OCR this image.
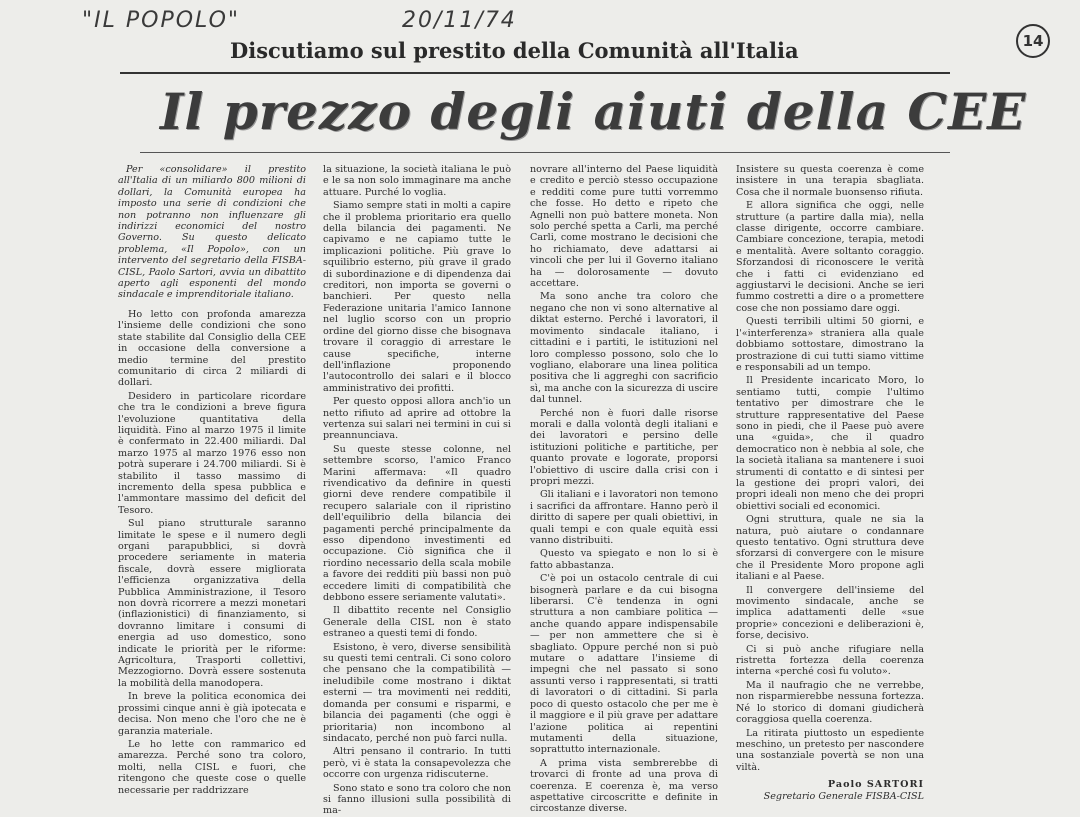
"IL POPOLO"	20/11/74
14
Discutiamo sul prestito della Comunità all'Italia
Il prezzo degli aiuti della CEE

Per «consolidare» il prestito all'Italia di un miliardo 800 milioni di dollari, la Comunità europea ha imposto una serie di condizioni che non potranno non influenzare gli indirizzi economici del nostro Governo. Su questo delicato problema, «Il Popolo», con un intervento del segretario della FISBA-CISL, Paolo Sartori, avvia un dibattito aperto agli esponenti del mondo sindacale e imprenditoriale italiano.

Ho letto con profonda amarezza l'insieme delle condizioni che sono state stabilite dal Consiglio della CEE in occasione della conversione a medio termine del prestito comunitario di circa 2 miliardi di dollari.

Desidero in particolare ricordare che tra le condizioni a breve figura l'evoluzione quantitativa della liquidità. Fino al marzo 1975 il limite è confermato in 22.400 miliardi. Dal marzo 1975 al marzo 1976 esso non potrà superare i 24.700 miliardi. Si è stabilito il tasso massimo di incremento della spesa pubblica e l'ammontare massimo del deficit del Tesoro.

Sul piano strutturale saranno limitate le spese e il numero degli organi parapubblici, si dovrà procedere seriamente in materia fiscale, dovrà essere migliorata l'efficienza organizzativa della Pubblica Amministrazione, il Tesoro non dovrà ricorrere a mezzi monetari (inflazionistici) di finanziamento, si dovranno limitare i consumi di energia ad uso domestico, sono indicate le priorità per le riforme: Agricoltura, Trasporti collettivi, Mezzogiorno. Dovrà essere sostenuta la mobilità della manodopera.

In breve la politica economica dei prossimi cinque anni è già ipotecata e decisa. Non meno che l'oro che ne è garanzia materiale.

Le ho lette con rammarico ed amarezza. Perché sono tra coloro, molti, nella CISL e fuori, che ritengono che queste cose o quelle necessarie per raddrizzare

la situazione, la società italiana le può e le sa non solo immaginare ma anche attuare. Purché lo voglia.

Siamo sempre stati in molti a capire che il problema prioritario era quello della bilancia dei pagamenti. Ne capivamo e ne capiamo tutte le implicazioni politiche. Più grave lo squilibrio esterno, più grave il grado di subordinazione e di dipendenza dai creditori, non importa se governi o banchieri. Per questo nella Federazione unitaria l'amico Iannone nel luglio scorso con un proprio ordine del giorno disse che bisognava trovare il coraggio di arrestare le cause specifiche, interne dell'inflazione proponendo l'autocontrollo dei salari e il blocco amministrativo dei profitti.

Per questo opposi allora anch'io un netto rifiuto ad aprire ad ottobre la vertenza sui salari nei termini in cui si preannunciava.

Su queste stesse colonne, nel settembre scorso, l'amico Franco Marini affermava: «Il quadro rivendicativo da definire in questi giorni deve rendere compatibile il recupero salariale con il ripristino dell'equilibrio della bilancia dei pagamenti perché principalmente da esso dipendono investimenti ed occupazione. Ciò significa che il riordino necessario della scala mobile a favore dei redditi più bassi non può eccedere limiti di compatibilità che debbono essere seriamente valutati».

Il dibattito recente nel Consiglio Generale della CISL non è stato estraneo a questi temi di fondo.

Esistono, è vero, diverse sensibilità su questi temi centrali. Ci sono coloro che pensano che la compatibilità — ineludibile come mostrano i diktat esterni — tra movimenti nei redditi, domanda per consumi e risparmi, e bilancia dei pagamenti (che oggi è prioritaria) non incombono al sindacato, perché non può farci nulla.

Altri pensano il contrario. In tutti però, vi è stata la consapevolezza che occorre con urgenza ridiscuterne.

Sono stato e sono tra coloro che non si fanno illusioni sulla possibilità di ma-

novrare all'interno del Paese liquidità e credito e perciò stesso occupazione e redditi come pure tutti vorremmo che fosse. Ho detto e ripeto che Agnelli non può battere moneta. Non solo perché spetta a Carli, ma perché Carli, come mostrano le decisioni che ho richiamato, deve adattarsi ai vincoli che per lui il Governo italiano ha — dolorosamente — dovuto accettare.

Ma sono anche tra coloro che negano che non vi sono alternative al diktat esterno. Perché i lavoratori, il movimento sindacale italiano, i cittadini e i partiti, le istituzioni nel loro complesso possono, solo che lo vogliano, elaborare una linea politica positiva che li aggreghi con sacrificio sì, ma anche con la sicurezza di uscire dal tunnel.

Perché non è fuori dalle risorse morali e dalla volontà degli italiani e dei lavoratori e persino delle istituzioni politiche e partitiche, per quanto provate e logorate, proporsi l'obiettivo di uscire dalla crisi con i propri mezzi.

Gli italiani e i lavoratori non temono i sacrifici da affrontare. Hanno però il diritto di sapere per quali obiettivi, in quali tempi e con quale equità essi vanno distribuiti.

Questo va spiegato e non lo si è fatto abbastanza.

C'è poi un ostacolo centrale di cui bisognerà parlare e da cui bisogna liberarsi. C'è tendenza in ogni struttura a non cambiare politica — anche quando appare indispensabile — per non ammettere che si è sbagliato. Oppure perché non si può mutare o adattare l'insieme di impegni che nel passato si sono assunti verso i rappresentati, si tratti di lavoratori o di cittadini. Si parla poco di questo ostacolo che per me è il maggiore e il più grave per adattare l'azione politica ai repentini mutamenti della situazione, soprattutto internazionale.

A prima vista sembrerebbe di trovarci di fronte ad una prova di coerenza. E coerenza è, ma verso aspettative circoscritte e definite in circostanze diverse.

Insistere su questa coerenza è come insistere in una terapia sbagliata. Cosa che il normale buonsenso rifiuta.

E allora significa che oggi, nelle strutture (a partire dalla mia), nella classe dirigente, occorre cambiare. Cambiare concezione, terapia, metodi e mentalità. Avere soltanto coraggio. Sforzandosi di riconoscere le verità che i fatti ci evidenziano ed aggiustarvi le decisioni. Anche se ieri fummo costretti a dire o a promettere cose che non possiamo dare oggi.

Questi terribili ultimi 50 giorni, e l'«interferenza» straniera alla quale dobbiamo sottostare, dimostrano la prostrazione di cui tutti siamo vittime e responsabili ad un tempo.

Il Presidente incaricato Moro, lo sentiamo tutti, compie l'ultimo tentativo per dimostrare che le strutture rappresentative del Paese sono in piedi, che il Paese può avere una «guida», che il quadro democratico non è nebbia al sole, che la società italiana sa mantenere i suoi strumenti di contatto e di sintesi per la gestione dei propri valori, dei propri ideali non meno che dei propri obiettivi sociali ed economici.

Ogni struttura, quale ne sia la natura, può aiutare o condannare questo tentativo. Ogni struttura deve sforzarsi di convergere con le misure che il Presidente Moro propone agli italiani e al Paese.

Il convergere dell'insieme del movimento sindacale, anche se implica adattamenti delle «sue proprie» concezioni e deliberazioni è, forse, decisivo.

Ci si può anche rifugiare nella ristretta fortezza della coerenza interna «perché così fu voluto».

Ma il naufragio che ne verrebbe, non risparmierebbe nessuna fortezza. Né lo storico di domani giudicherà coraggiosa quella coerenza.

La ritirata piuttosto un espediente meschino, un pretesto per nascondere una sostanziale povertà se non una viltà.

Paolo SARTORI
Segretario Generale FISBA-CISL
